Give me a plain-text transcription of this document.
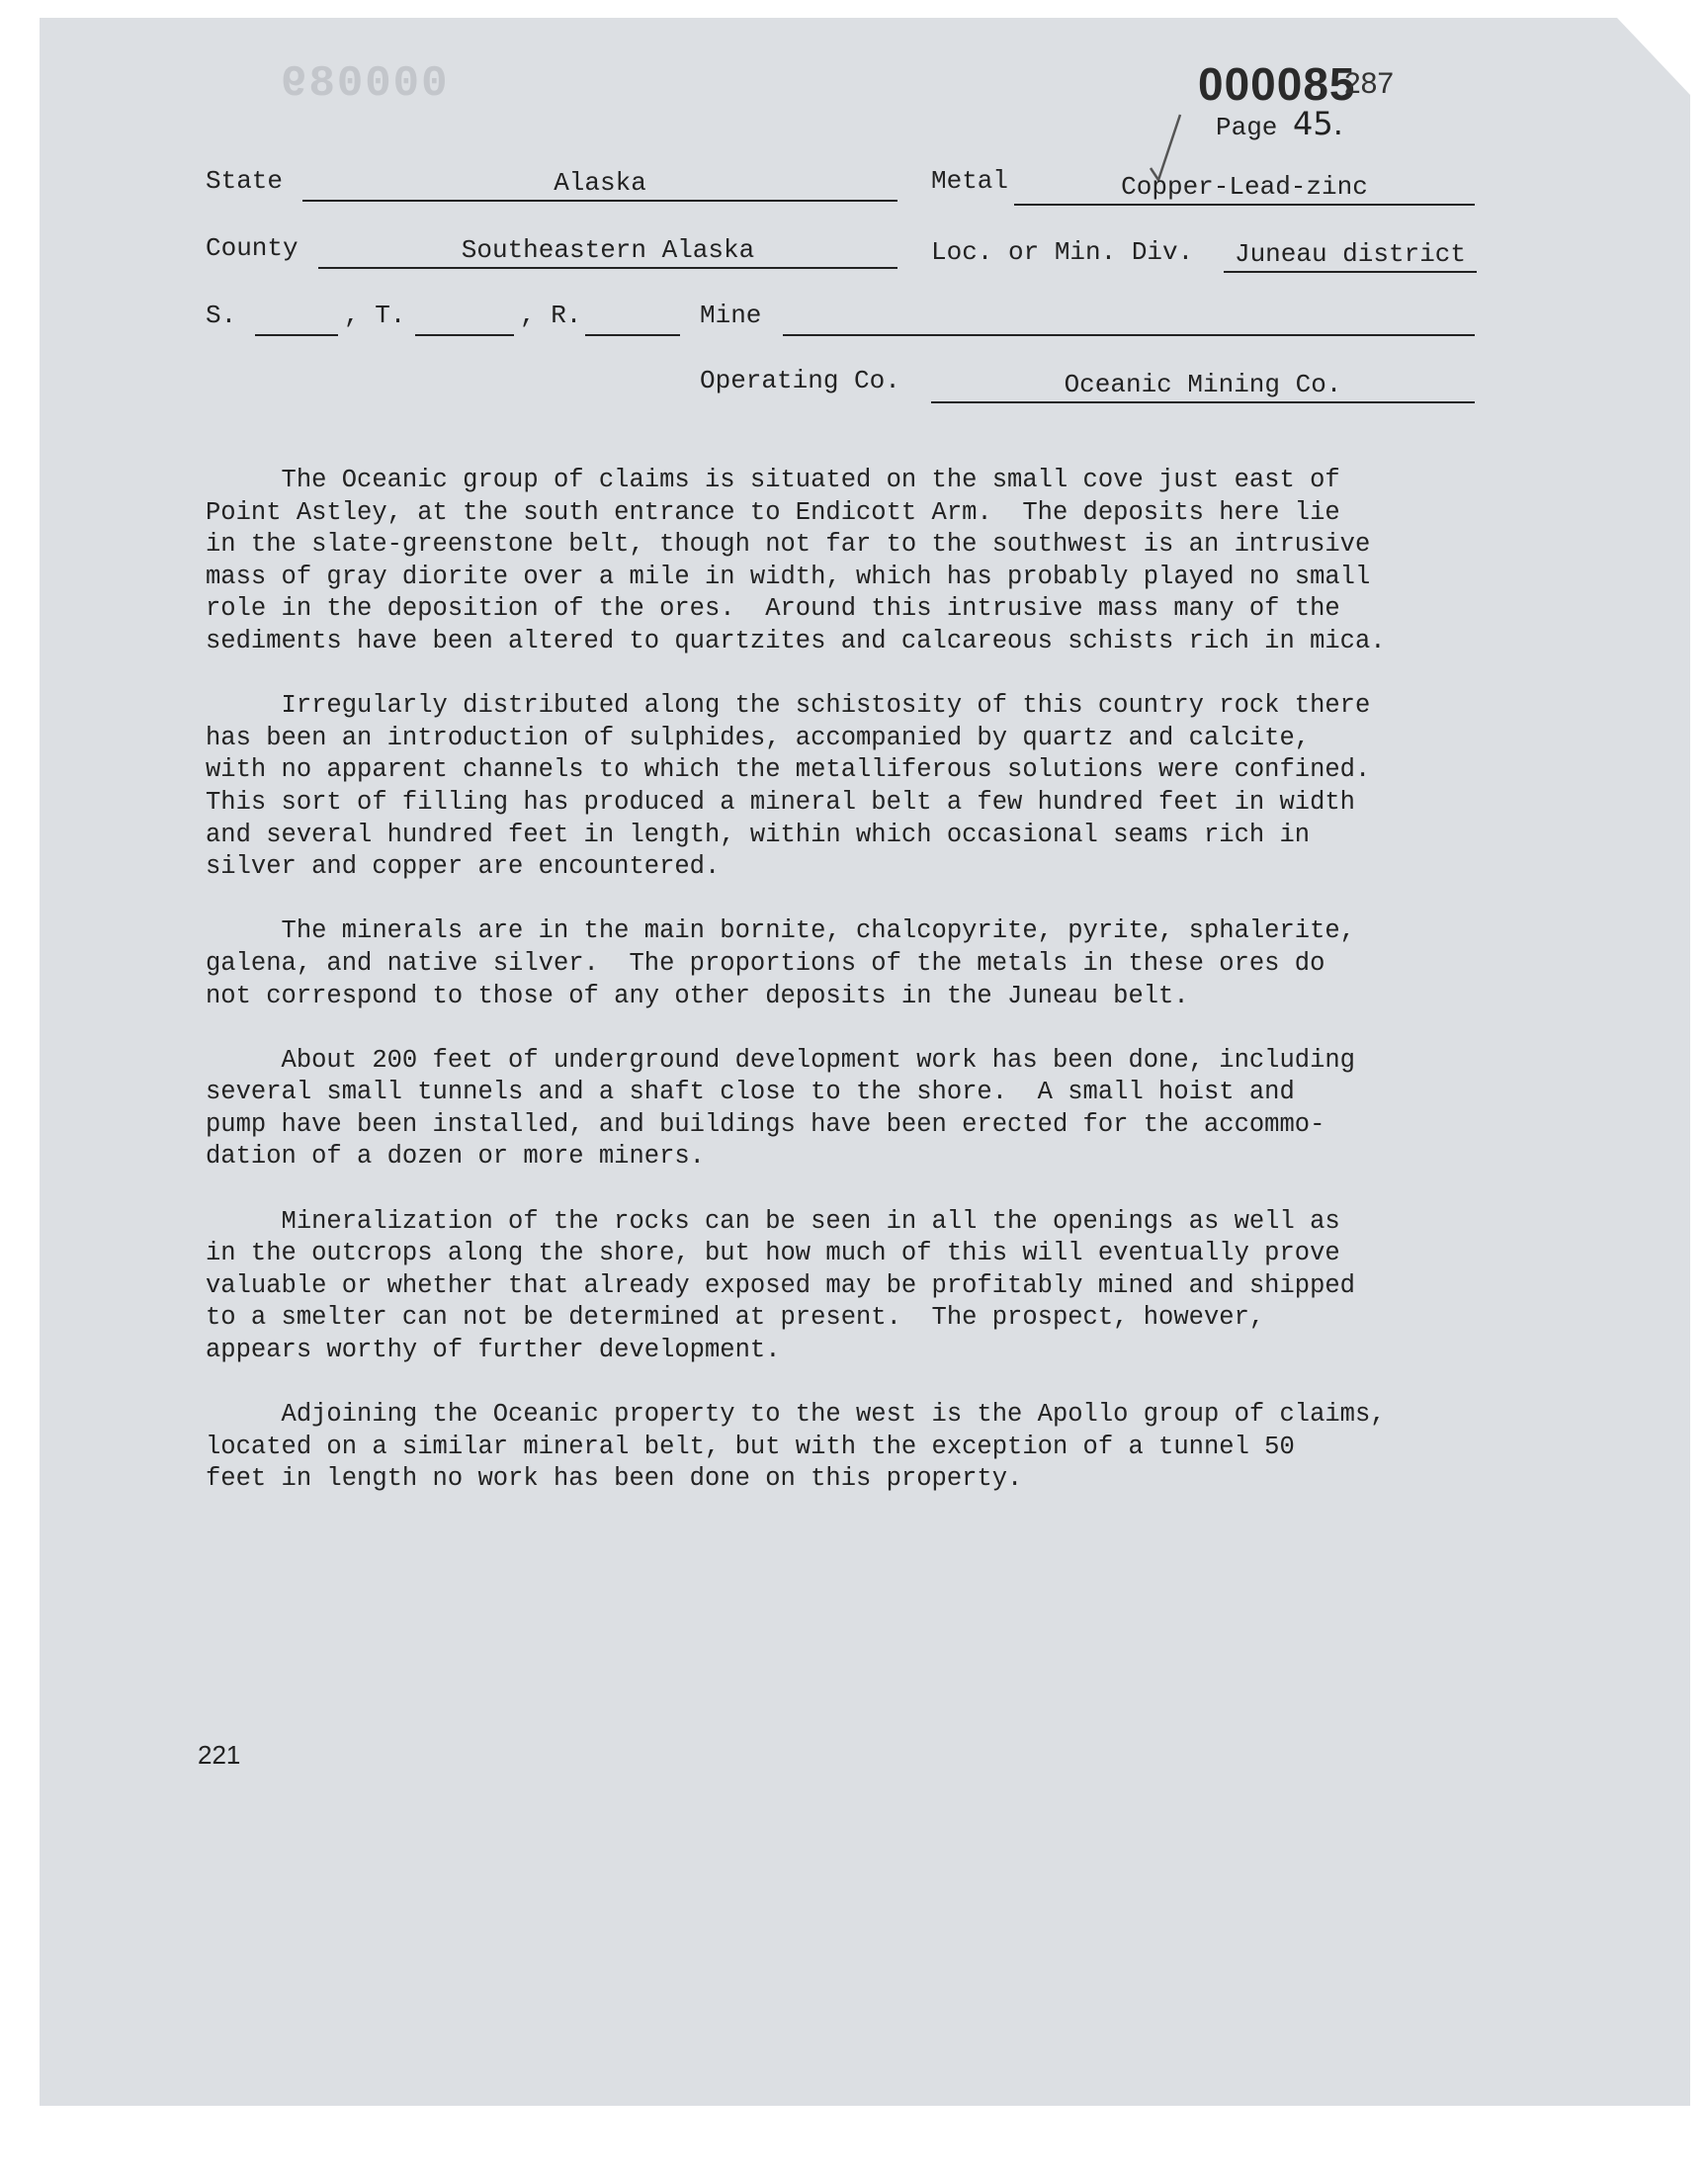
000089	000085
287
Page 45.
State	Alaska	Metal	Copper-Lead-zinc
County	Southeastern Alaska	Loc. or Min. Div.	Juneau district
S.	, T.	, R.	Mine
Operating Co.	Oceanic Mining Co.

The Oceanic group of claims is situated on the small cove just east of
Point Astley, at the south entrance to Endicott Arm.  The deposits here lie
in the slate-greenstone belt, though not far to the southwest is an intrusive
mass of gray diorite over a mile in width, which has probably played no small
role in the deposition of the ores.  Around this intrusive mass many of the
sediments have been altered to quartzites and calcareous schists rich in mica.

Irregularly distributed along the schistosity of this country rock there
has been an introduction of sulphides, accompanied by quartz and calcite,
with no apparent channels to which the metalliferous solutions were confined.
This sort of filling has produced a mineral belt a few hundred feet in width
and several hundred feet in length, within which occasional seams rich in
silver and copper are encountered.

The minerals are in the main bornite, chalcopyrite, pyrite, sphalerite,
galena, and native silver.  The proportions of the metals in these ores do
not correspond to those of any other deposits in the Juneau belt.

About 200 feet of underground development work has been done, including
several small tunnels and a shaft close to the shore.  A small hoist and
pump have been installed, and buildings have been erected for the accommo-
dation of a dozen or more miners.

Mineralization of the rocks can be seen in all the openings as well as
in the outcrops along the shore, but how much of this will eventually prove
valuable or whether that already exposed may be profitably mined and shipped
to a smelter can not be determined at present.  The prospect, however,
appears worthy of further development.

Adjoining the Oceanic property to the west is the Apollo group of claims,
located on a similar mineral belt, but with the exception of a tunnel 50
feet in length no work has been done on this property.

221
